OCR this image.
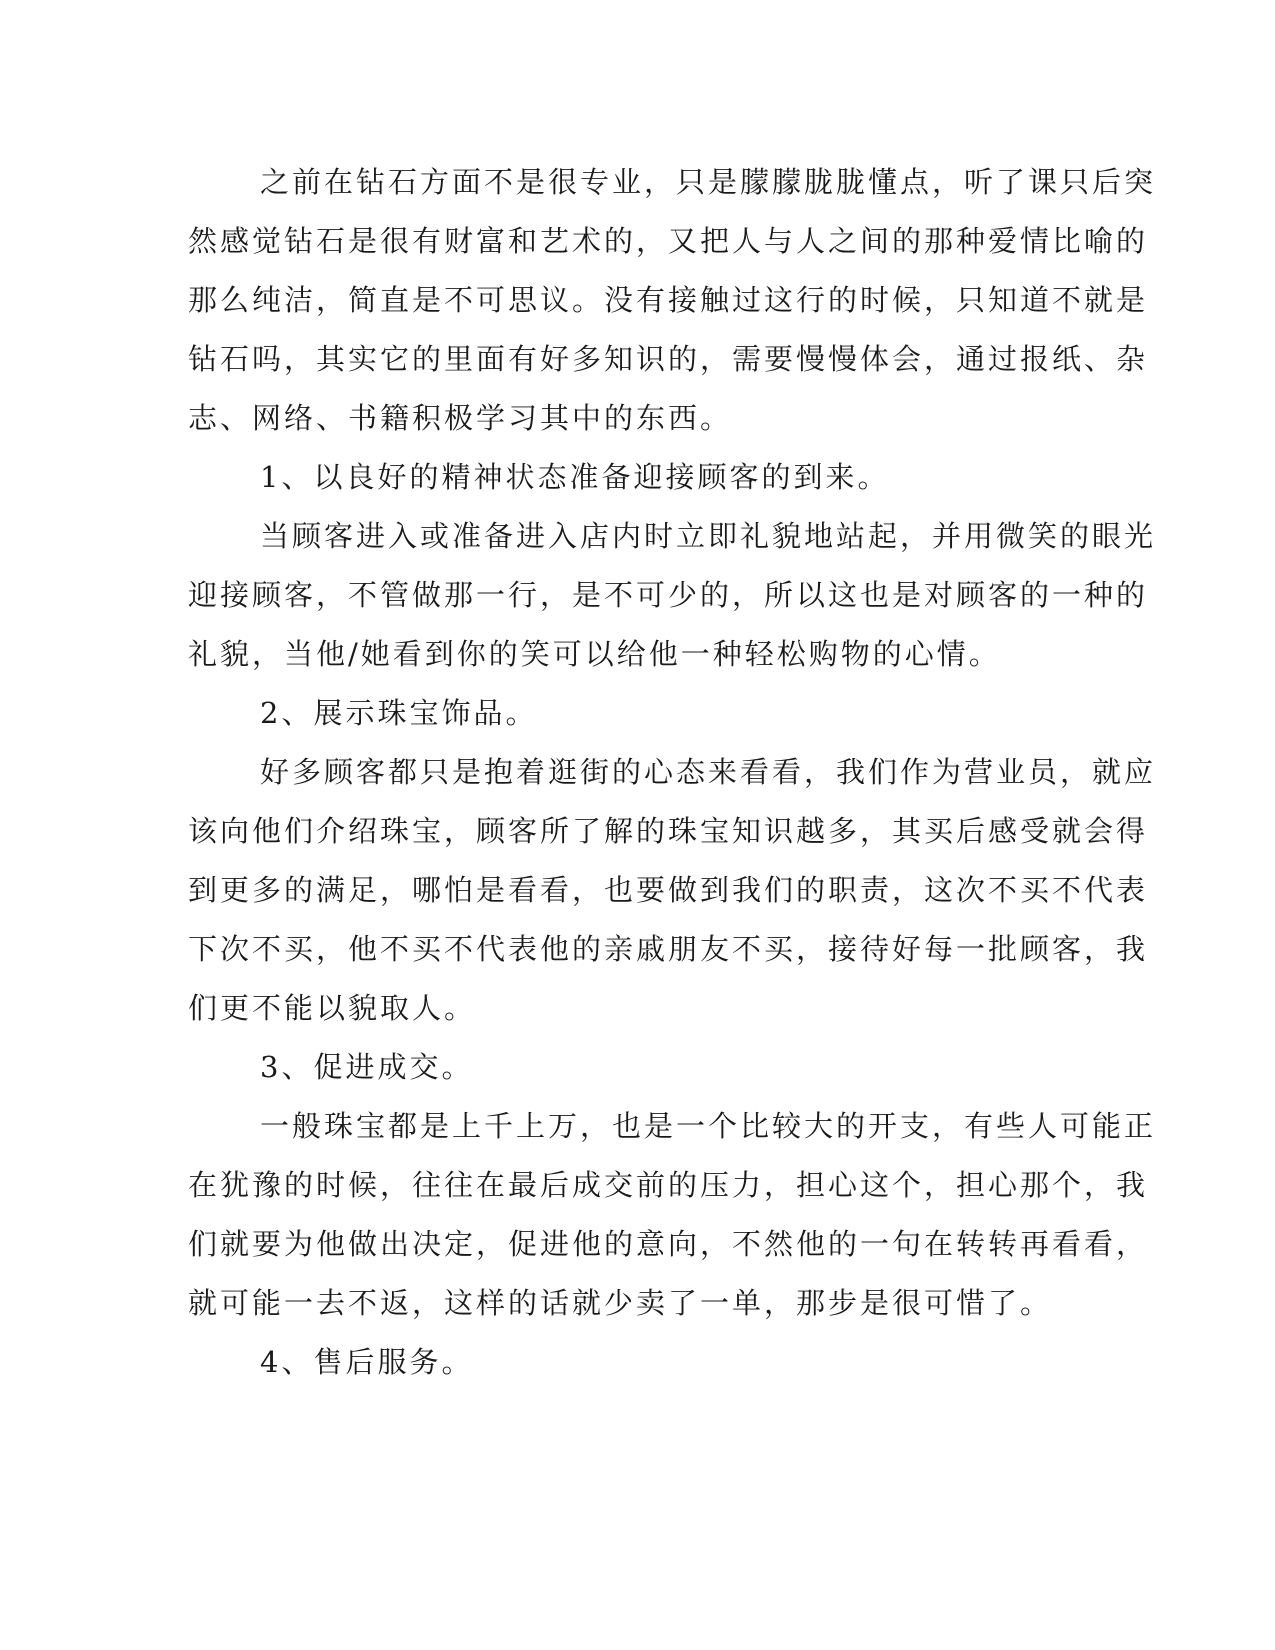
之前在钻石方面不是很专业，只是朦朦胧胧懂点，听了课只后突
然感觉钻石是很有财富和艺术的，又把人与人之间的那种爱情比喻的
那么纯洁，简直是不可思议。没有接触过这行的时候，只知道不就是
钻石吗，其实它的里面有好多知识的，需要慢慢体会，通过报纸、杂
志、网络、书籍积极学习其中的东西。
1、以良好的精神状态准备迎接顾客的到来。
当顾客进入或准备进入店内时立即礼貌地站起，并用微笑的眼光
迎接顾客，不管做那一行，是不可少的，所以这也是对顾客的一种的
礼貌，当他/她看到你的笑可以给他一种轻松购物的心情。
2、展示珠宝饰品。
好多顾客都只是抱着逛街的心态来看看，我们作为营业员，就应
该向他们介绍珠宝，顾客所了解的珠宝知识越多，其买后感受就会得
到更多的满足，哪怕是看看，也要做到我们的职责，这次不买不代表
下次不买，他不买不代表他的亲戚朋友不买，接待好每一批顾客，我
们更不能以貌取人。
3、促进成交。
一般珠宝都是上千上万，也是一个比较大的开支，有些人可能正
在犹豫的时候，往往在最后成交前的压力，担心这个，担心那个，我
们就要为他做出决定，促进他的意向，不然他的一句在转转再看看，
就可能一去不返，这样的话就少卖了一单，那步是很可惜了。
4、售后服务。
